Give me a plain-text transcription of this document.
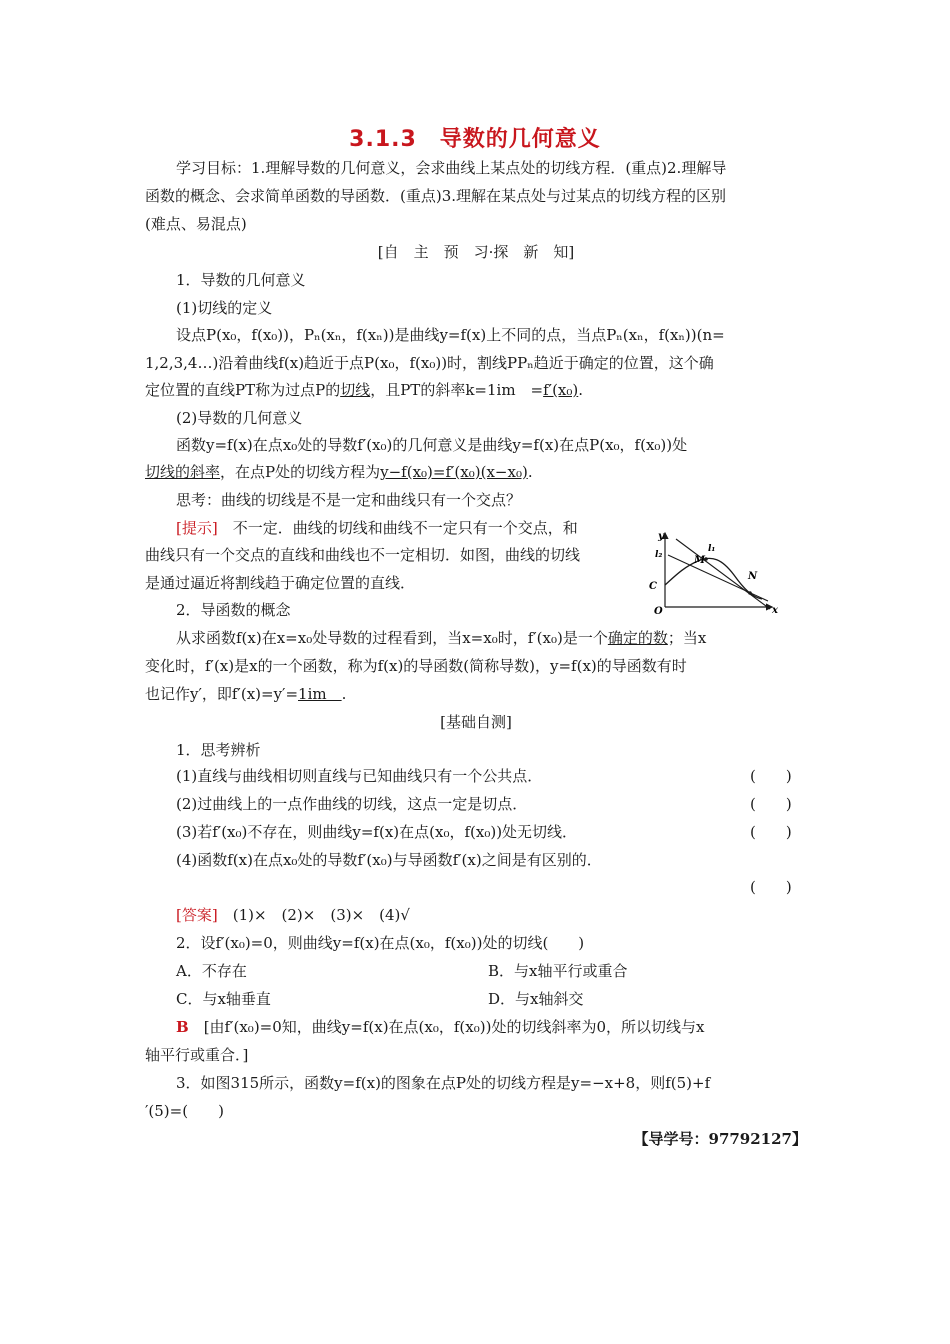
3.1.3　导数的几何意义
学习目标：1.理解导数的几何意义，会求曲线上某点处的切线方程．(重点)2.理解导
函数的概念、会求简单函数的导函数．(重点)3.理解在某点处与过某点的切线方程的区别
(难点、易混点)
[自　主　预　习·探　新　知]
1．导数的几何意义
(1)切线的定义
设点P(x₀，f(x₀))，Pₙ(xₙ，f(xₙ))是曲线y=f(x)上不同的点，当点Pₙ(xₙ，f(xₙ))(n=
1,2,3,4…)沿着曲线f(x)趋近于点P(x₀，f(x₀))时，割线PPₙ趋近于确定的位置，这个确
定位置的直线PT称为过点P的切线，且PT的斜率k=1im　=f′(x₀).
(2)导数的几何意义
函数y=f(x)在点x₀处的导数f′(x₀)的几何意义是曲线y=f(x)在点P(x₀，f(x₀))处
切线的斜率，在点P处的切线方程为y−f(x₀)=f′(x₀)(x−x₀).
思考：曲线的切线是不是一定和曲线只有一个交点？
[提示]　不一定．曲线的切线和曲线不一定只有一个交点，和
曲线只有一个交点的直线和曲线也不一定相切．如图，曲线的切线
是通过逼近将割线趋于确定位置的直线．
y
x
O
C
l₁
l₂	M
N
2．导函数的概念
从求函数f(x)在x=x₀处导数的过程看到，当x=x₀时，f′(x₀)是一个确定的数；当x
变化时，f′(x)是x的一个函数，称为f(x)的导函数(简称导数)，y=f(x)的导函数有时
也记作y′，即f′(x)=y′=1im　.
[基础自测]
1．思考辨析
(1)直线与曲线相切则直线与已知曲线只有一个公共点．	(　　)
(2)过曲线上的一点作曲线的切线，这点一定是切点．	(　　)
(3)若f′(x₀)不存在，则曲线y=f(x)在点(x₀，f(x₀))处无切线．	(　　)
(4)函数f(x)在点x₀处的导数f′(x₀)与导函数f′(x)之间是有区别的．
(　　)
[答案]　(1)×　(2)×　(3)×　(4)√
2．设f′(x₀)=0，则曲线y=f(x)在点(x₀，f(x₀))处的切线(　　)
A．不存在	B．与x轴平行或重合
C．与x轴垂直	D．与x轴斜交
B　[由f′(x₀)=0知，曲线y=f(x)在点(x₀，f(x₀))处的切线斜率为0，所以切线与x
轴平行或重合．]
3．如图315所示，函数y=f(x)的图象在点P处的切线方程是y=−x+8，则f(5)+f
′(5)=(　　)
【导学号：97792127】
